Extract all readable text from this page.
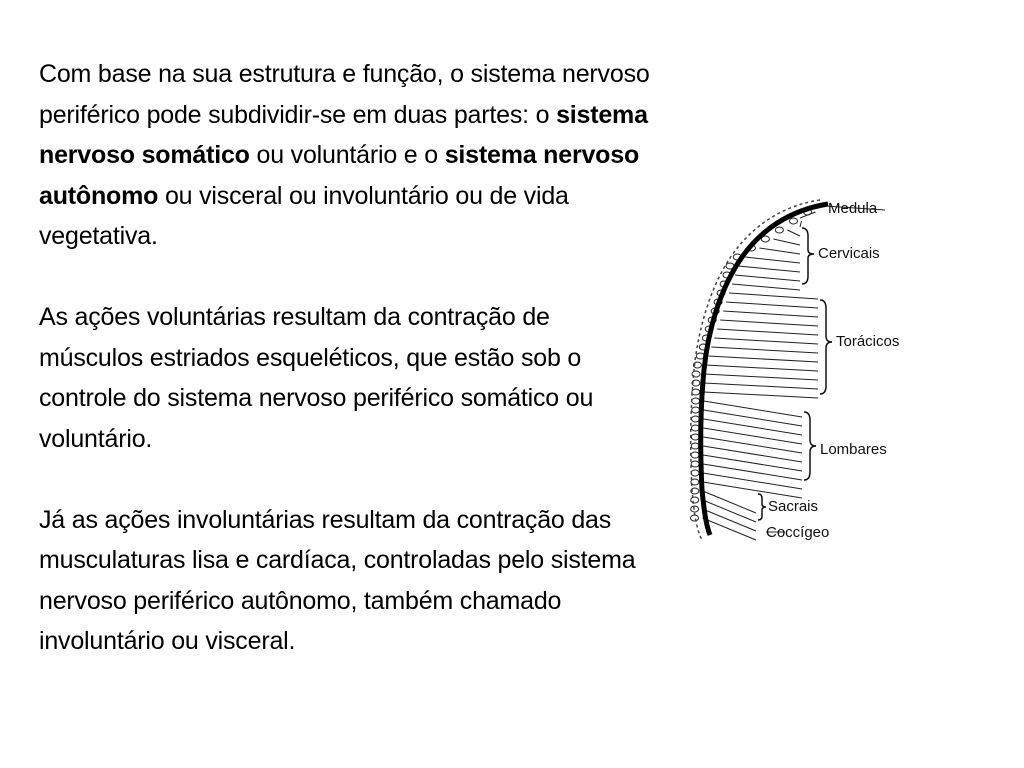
Com base na sua estrutura e função, o sistema nervoso periférico pode subdividir-se em duas partes: o sistema nervoso somático ou voluntário e o sistema nervoso autônomo ou visceral ou involuntário ou de vida vegetativa.

As ações voluntárias resultam da contração de músculos estriados esqueléticos, que estão sob o controle do sistema nervoso periférico somático ou voluntário.

Já as ações involuntárias resultam da contração das musculaturas lisa e cardíaca, controladas pelo sistema nervoso periférico autônomo, também chamado involuntário ou visceral.

Medula
Cervicais
Torácicos
Lombares
Sacrais
Coccígeo
